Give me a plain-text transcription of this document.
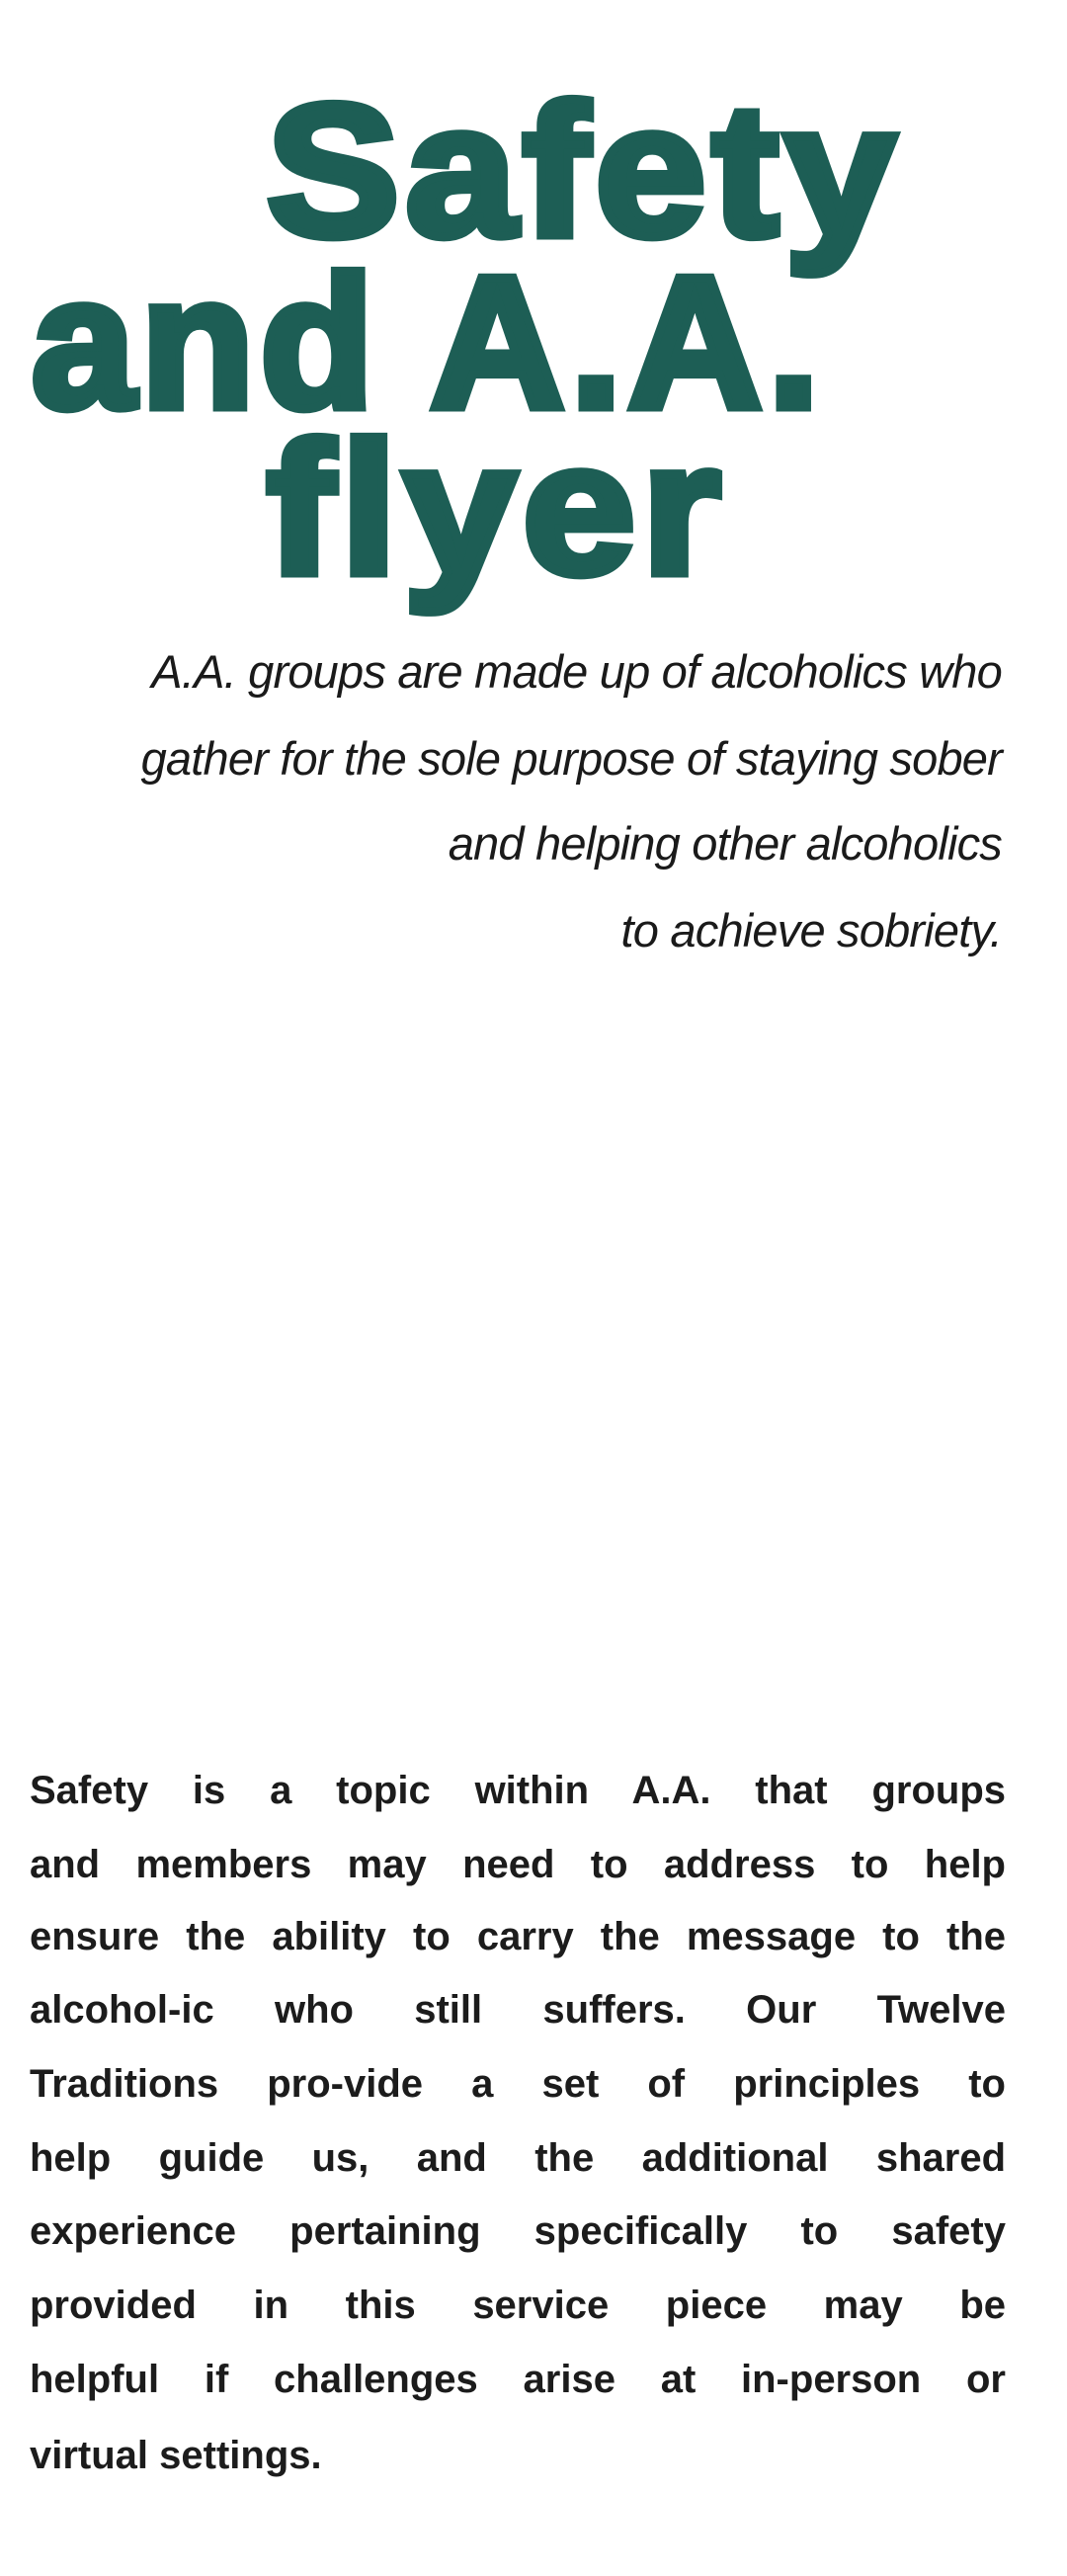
Safety
and A.A.
flyer
A.A. groups are made up of alcoholics who
gather for the sole purpose of staying sober
and helping other alcoholics
to achieve sobriety.
Safety is a topic within A.A. that groups
and members may need to address to help
ensure the ability to carry the message to the
alcohol-ic who still suffers. Our Twelve
Traditions pro-vide a set of principles to
help guide us, and the additional shared
experience pertaining specifically to safety
provided in this service piece may be
helpful if challenges arise at in-person or
virtual settings.
